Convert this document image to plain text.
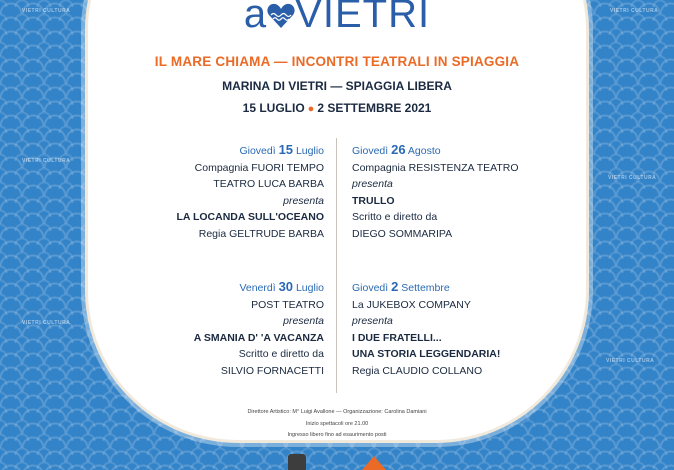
VIETRI CULTURA	VIETRI CULTURA
VIETRI CULTURA
VIETRI CULTURA
VIETRI CULTURA
VIETRI CULTURA
a VIETRI
IL MARE CHIAMA — INCONTRI TEATRALI IN SPIAGGIA
MARINA DI VIETRI — SPIAGGIA LIBERA
15 LUGLIO ● 2 SETTEMBRE 2021
Giovedì 15 Luglio
Compagnia FUORI TEMPO
TEATRO LUCA BARBA
presenta
LA LOCANDA SULL'OCEANO
Regia GELTRUDE BARBA
Giovedì 26 Agosto
Compagnia RESISTENZA TEATRO
presenta
TRULLO
Scritto e diretto da
DIEGO SOMMARIPA
Venerdì 30 Luglio
POST TEATRO
presenta
A SMANIA D' 'A VACANZA
Scritto e diretto da
SILVIO FORNACETTI
Giovedì 2 Settembre
La JUKEBOX COMPANY
presenta
I DUE FRATELLI...
UNA STORIA LEGGENDARIA!
Regia CLAUDIO COLLANO
Direttore Artistico: M° Luigi Avallone — Organizzazione: Carolina Damiani
Inizio spettacoli ore 21.00
Ingresso libero fino ad esaurimento posti
